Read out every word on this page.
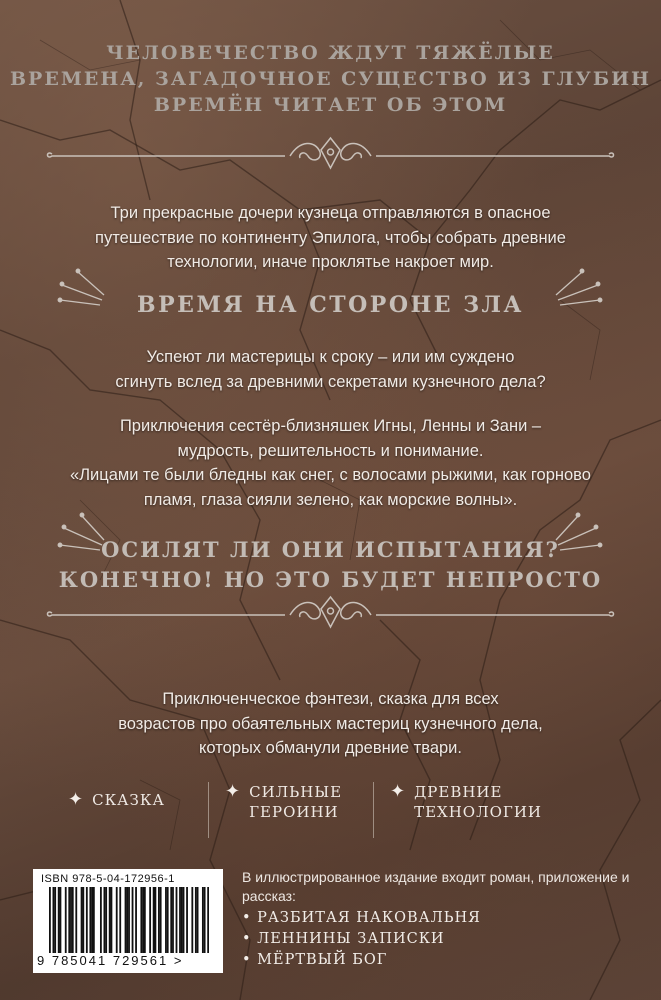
ЧЕЛОВЕЧЕСТВО ЖДУТ ТЯЖЁЛЫЕ
ВРЕМЕНА, ЗАГАДОЧНОЕ СУЩЕСТВО ИЗ ГЛУБИН
ВРЕМЁН ЧИТАЕТ ОБ ЭТОМ

Три прекрасные дочери кузнеца отправляются в опасное
путешествие по континенту Эпилога, чтобы собрать древние
технологии, иначе проклятье накроет мир.

ВРЕМЯ НА СТОРОНЕ ЗЛА

Успеют ли мастерицы к сроку – или им суждено
сгинуть вслед за древними секретами кузнечного дела?

Приключения сестёр-близняшек Игны, Ленны и Зани –
мудрость, решительность и понимание.
«Лицами те были бледны как снег, с волосами рыжими, как горново
пламя, глаза сияли зелено, как морские волны».

ОСИЛЯТ ЛИ ОНИ ИСПЫТАНИЯ?
КОНЕЧНО! НО ЭТО БУДЕТ НЕПРОСТО

Приключенческое фэнтези, сказка для всех
возрастов про обаятельных мастериц кузнечного дела,
которых обманули древние твари.

✦ СКАЗКА	✦ СИЛЬНЫЕ
ГЕРОИНИ
✦ ДРЕВНИЕ
ТЕХНОЛОГИИ
ISBN 978-5-04-172956-1
9 785041 729561 >

В иллюстрированное издание входит роман, приложение и рассказ:

• РАЗБИТАЯ НАКОВАЛЬНЯ
• ЛЕННИНЫ ЗАПИСКИ
• МЁРТВЫЙ БОГ
